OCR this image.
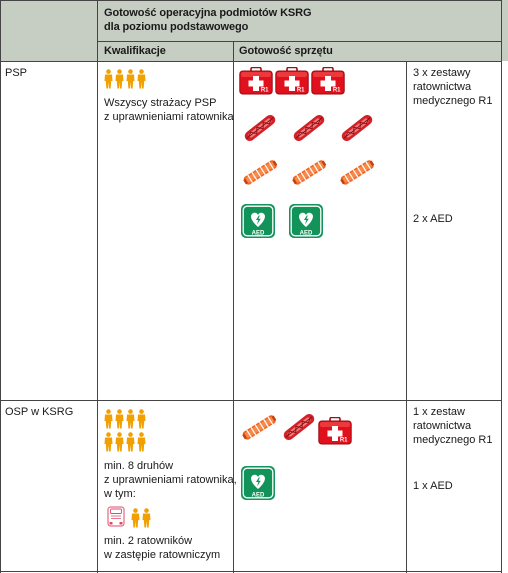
Gotowość operacyjna podmiotów KSRG
dla poziomu podstawowego
Kwalifikacje	Gotowość sprzętu
PSP
Wszyscy strażacy PSP
z uprawnieniami ratownika
3 x zestawy
ratownictwa
medycznego R1
2 x AED
OSP w KSRG
min. 8 druhów
z uprawnieniami ratownika,
w tym:
min. 2 ratowników
w zastępie ratowniczym
1 x zestaw
ratownictwa
medycznego R1
1 x AED
